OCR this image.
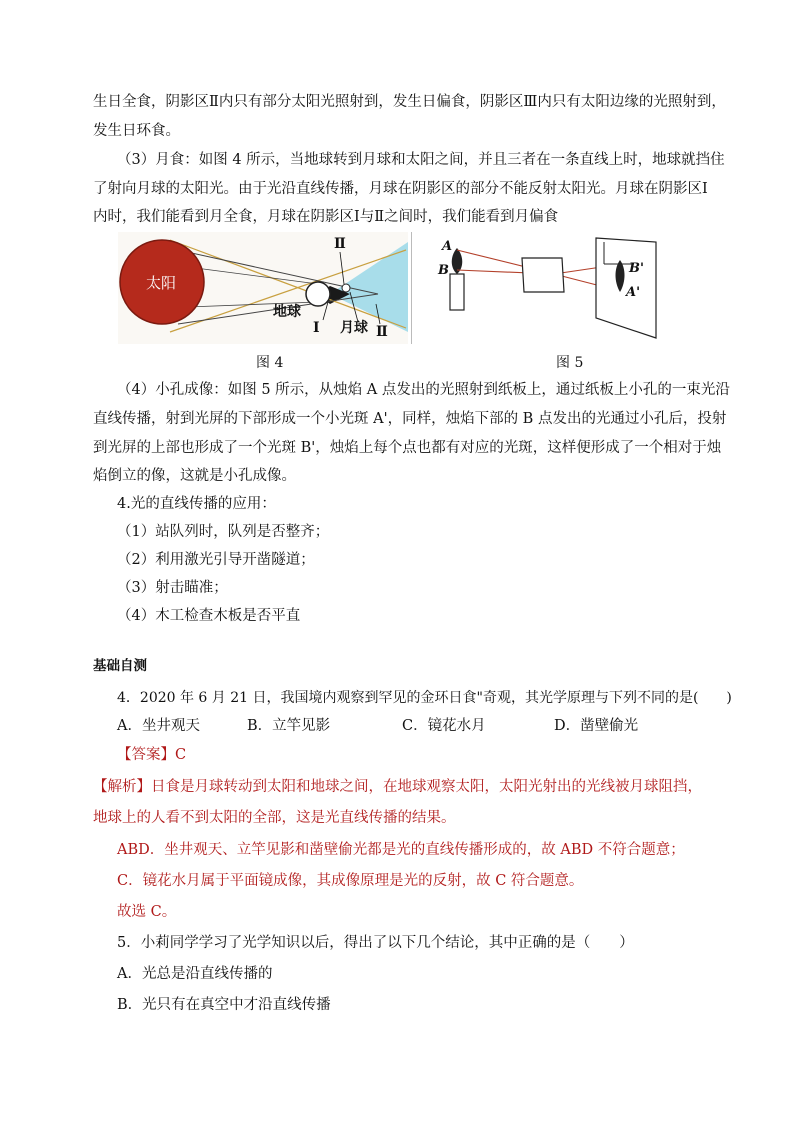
生日全食，阴影区Ⅱ内只有部分太阳光照射到，发生日偏食，阴影区Ⅲ内只有太阳边缘的光照射到，
发生日环食。
（3）月食：如图 4 所示，当地球转到月球和太阳之间，并且三者在一条直线上时，地球就挡住
了射向月球的太阳光。由于光沿直线传播，月球在阴影区的部分不能反射太阳光。月球在阴影区Ⅰ
内时，我们能看到月全食，月球在阴影区Ⅰ与Ⅱ之间时，我们能看到月偏食
太阳
Ⅱ
地球
Ⅰ 月球 Ⅱ
A
B	B'
A'
图 4	图 5
（4）小孔成像：如图 5 所示，从烛焰 A 点发出的光照射到纸板上，通过纸板上小孔的一束光沿
直线传播，射到光屏的下部形成一个小光斑 A'，同样，烛焰下部的 B 点发出的光通过小孔后，投射
到光屏的上部也形成了一个光斑 B'，烛焰上每个点也都有对应的光斑，这样便形成了一个相对于烛
焰倒立的像，这就是小孔成像。
4.光的直线传播的应用：
（1）站队列时，队列是否整齐；
（2）利用激光引导开凿隧道；
（3）射击瞄准；
（4）木工检查木板是否平直
基础自测
4．2020 年 6 月 21 日，我国境内观察到罕见的金环日食"奇观，其光学原理与下列不同的是(　　)
A．坐井观天	B．立竿见影	C．镜花水月	D．凿壁偷光
【答案】C
【解析】日食是月球转动到太阳和地球之间，在地球观察太阳，太阳光射出的光线被月球阻挡，
地球上的人看不到太阳的全部，这是光直线传播的结果。
ABD．坐井观天、立竿见影和凿壁偷光都是光的直线传播形成的，故 ABD 不符合题意；
C．镜花水月属于平面镜成像，其成像原理是光的反射，故 C 符合题意。
故选 C。
5．小莉同学学习了光学知识以后，得出了以下几个结论，其中正确的是（　　）
A．光总是沿直线传播的
B．光只有在真空中才沿直线传播
